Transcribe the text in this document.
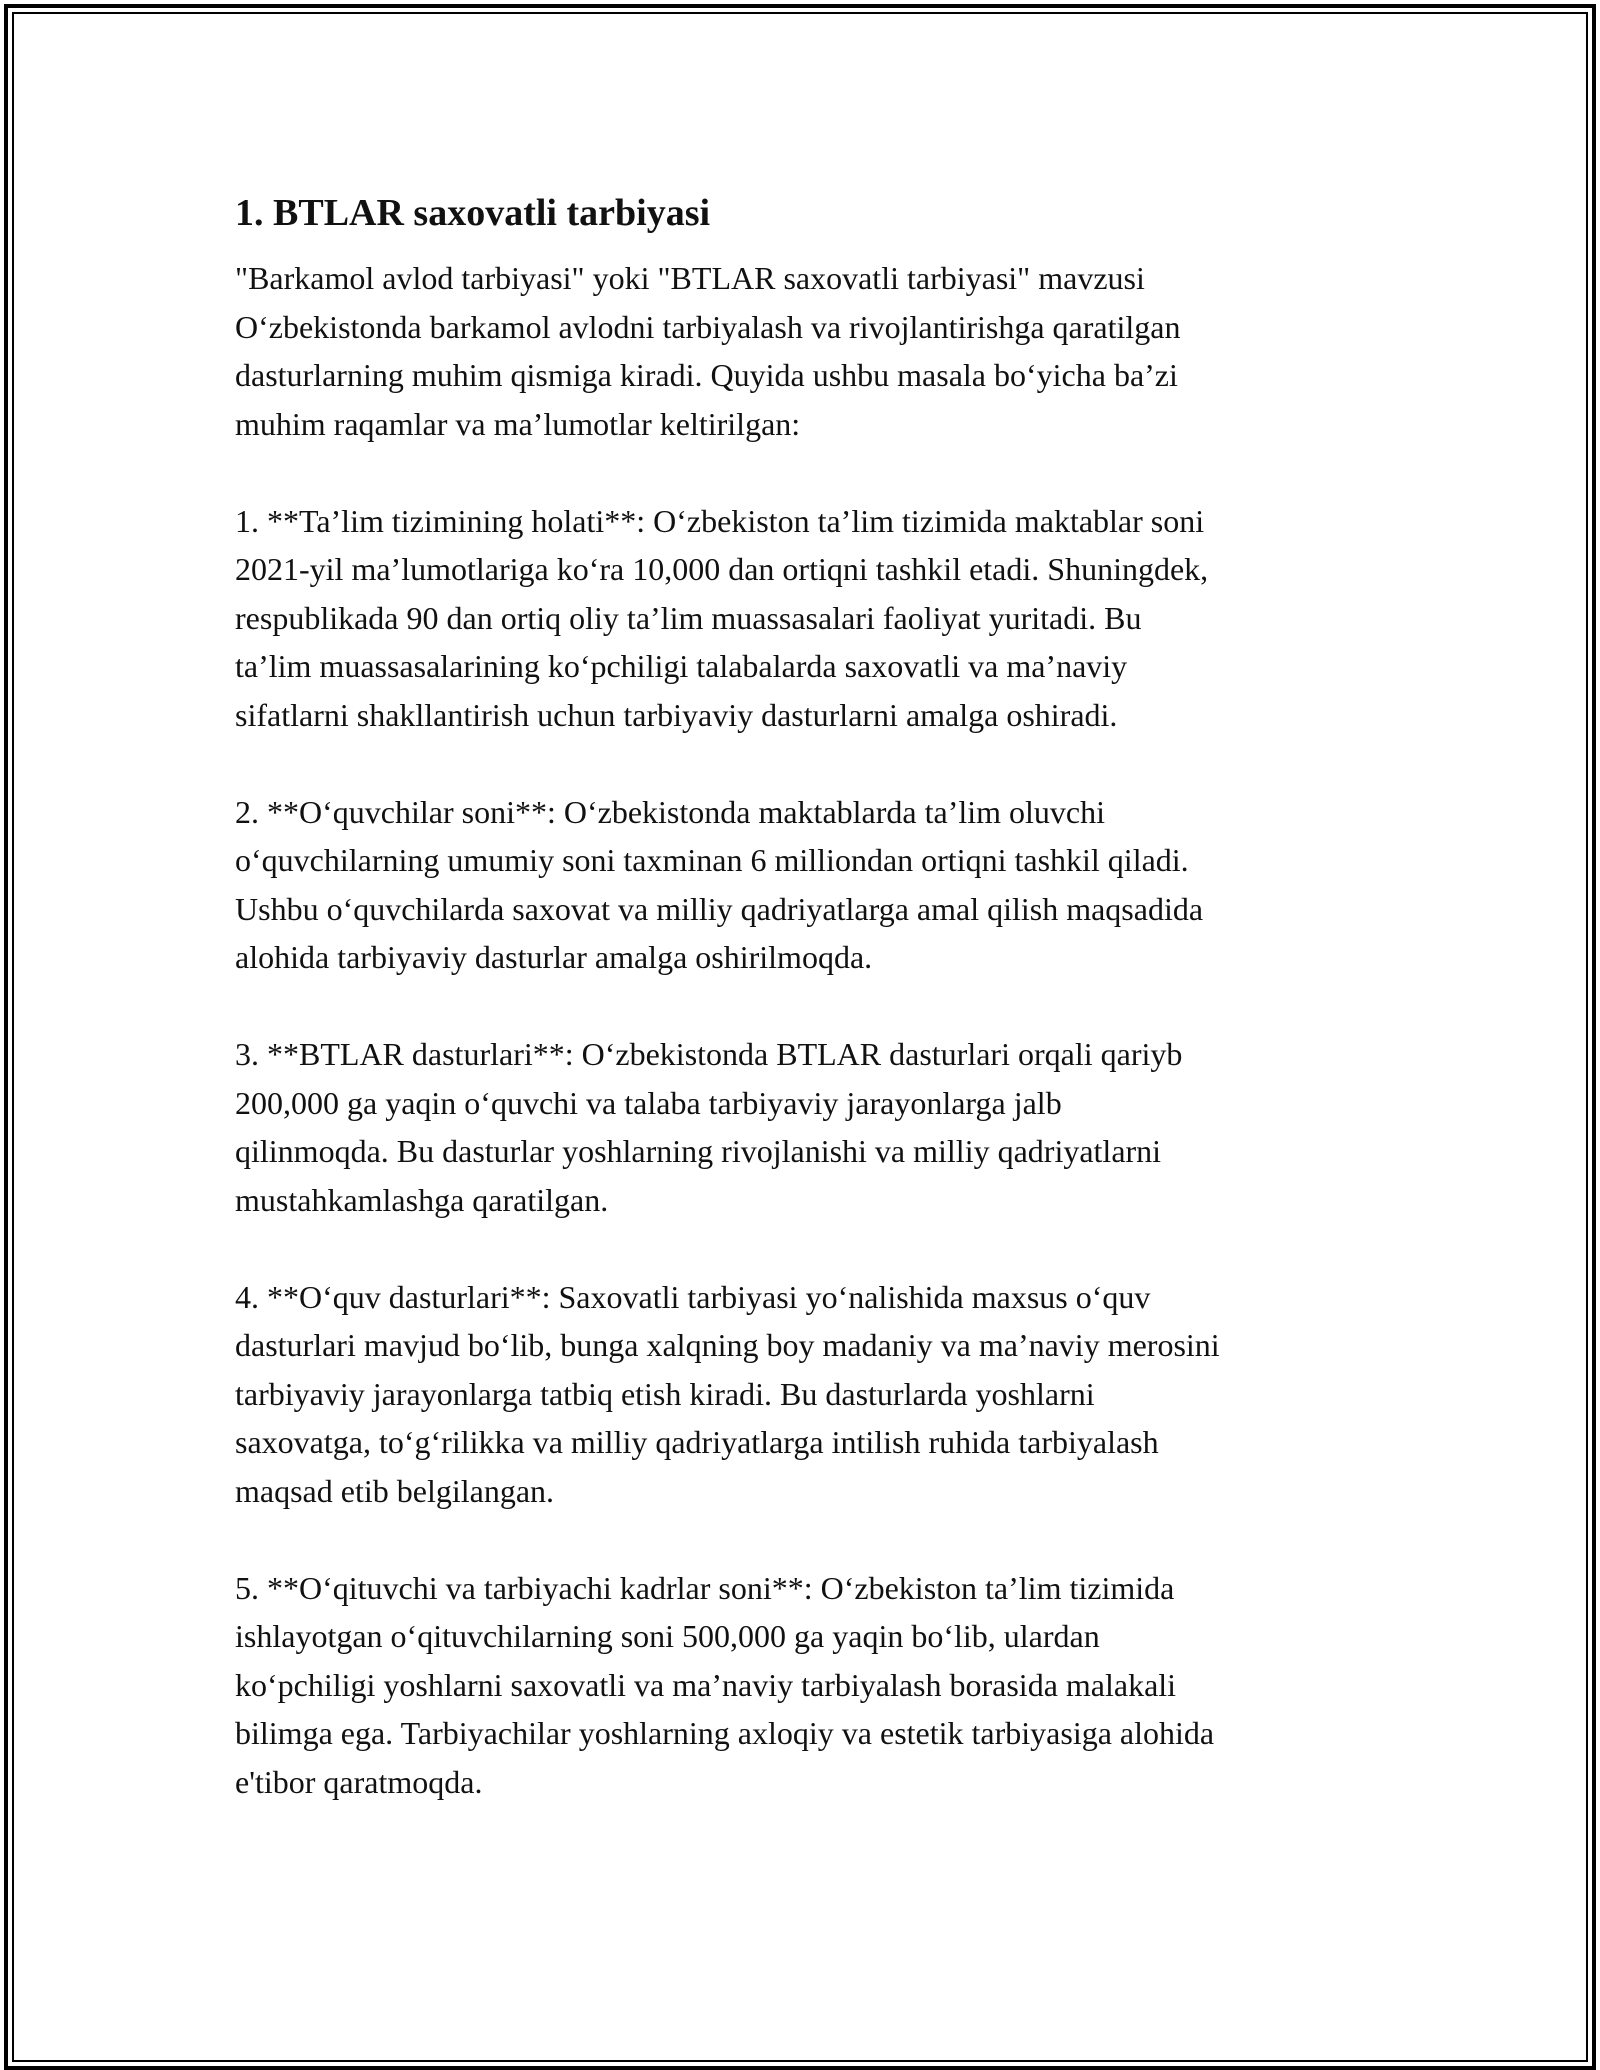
1. BTLAR saxovatli tarbiyasi

"Barkamol avlod tarbiyasi" yoki "BTLAR saxovatli tarbiyasi" mavzusi
Oʻzbekistonda barkamol avlodni tarbiyalash va rivojlantirishga qaratilgan
dasturlarning muhim qismiga kiradi. Quyida ushbu masala boʻyicha baʼzi
muhim raqamlar va maʼlumotlar keltirilgan:

1. **Taʼlim tizimining holati**: Oʻzbekiston taʼlim tizimida maktablar soni
2021-yil maʼlumotlariga koʻra 10,000 dan ortiqni tashkil etadi. Shuningdek,
respublikada 90 dan ortiq oliy taʼlim muassasalari faoliyat yuritadi. Bu
taʼlim muassasalarining koʻpchiligi talabalarda saxovatli va maʼnaviy
sifatlarni shakllantirish uchun tarbiyaviy dasturlarni amalga oshiradi.

2. **Oʻquvchilar soni**: Oʻzbekistonda maktablarda taʼlim oluvchi
oʻquvchilarning umumiy soni taxminan 6 milliondan ortiqni tashkil qiladi.
Ushbu oʻquvchilarda saxovat va milliy qadriyatlarga amal qilish maqsadida
alohida tarbiyaviy dasturlar amalga oshirilmoqda.

3. **BTLAR dasturlari**: Oʻzbekistonda BTLAR dasturlari orqali qariyb
200,000 ga yaqin oʻquvchi va talaba tarbiyaviy jarayonlarga jalb
qilinmoqda. Bu dasturlar yoshlarning rivojlanishi va milliy qadriyatlarni
mustahkamlashga qaratilgan.

4. **Oʻquv dasturlari**: Saxovatli tarbiyasi yoʻnalishida maxsus oʻquv
dasturlari mavjud boʻlib, bunga xalqning boy madaniy va maʼnaviy merosini
tarbiyaviy jarayonlarga tatbiq etish kiradi. Bu dasturlarda yoshlarni
saxovatga, toʻgʻrilikka va milliy qadriyatlarga intilish ruhida tarbiyalash
maqsad etib belgilangan.

5. **Oʻqituvchi va tarbiyachi kadrlar soni**: Oʻzbekiston taʼlim tizimida
ishlayotgan oʻqituvchilarning soni 500,000 ga yaqin boʻlib, ulardan
koʻpchiligi yoshlarni saxovatli va maʼnaviy tarbiyalash borasida malakali
bilimga ega. Tarbiyachilar yoshlarning axloqiy va estetik tarbiyasiga alohida
e'tibor qaratmoqda.
